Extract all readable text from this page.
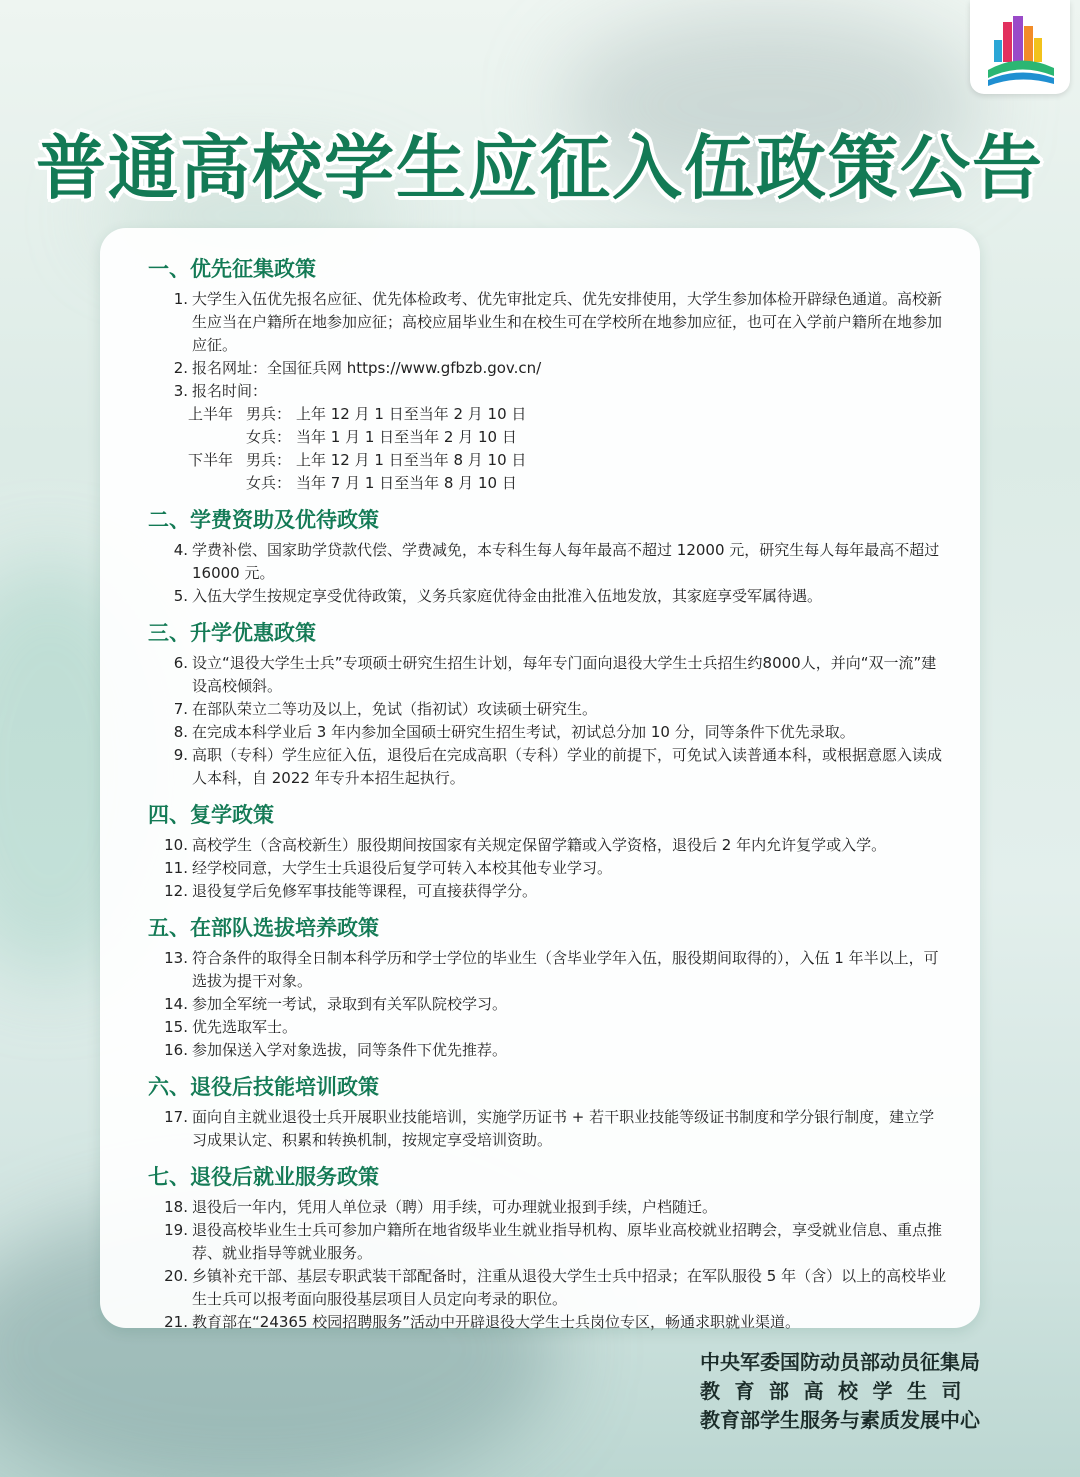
普通高校学生应征入伍政策公告
一、优先征集政策
1. 大学生入伍优先报名应征、优先体检政考、优先审批定兵、优先安排使用，大学生参加体检开辟绿色通道。高校新生应当在户籍所在地参加应征；高校应届毕业生和在校生可在学校所在地参加应征，也可在入学前户籍所在地参加应征。
2. 报名网址：全国征兵网 https://www.gfbzb.gov.cn/
3. 报名时间：
上半年 男兵： 上年 12 月 1 日至当年 2 月 10 日
女兵： 当年 1 月 1 日至当年 2 月 10 日
下半年 男兵： 上年 12 月 1 日至当年 8 月 10 日
女兵： 当年 7 月 1 日至当年 8 月 10 日
二、学费资助及优待政策
4. 学费补偿、国家助学贷款代偿、学费减免，本专科生每人每年最高不超过 12000 元，研究生每人每年最高不超过 16000 元。
5. 入伍大学生按规定享受优待政策，义务兵家庭优待金由批准入伍地发放，其家庭享受军属待遇。
三、升学优惠政策
6. 设立“退役大学生士兵”专项硕士研究生招生计划，每年专门面向退役大学生士兵招生约8000人，并向“双一流”建设高校倾斜。
7. 在部队荣立二等功及以上，免试（指初试）攻读硕士研究生。
8. 在完成本科学业后 3 年内参加全国硕士研究生招生考试，初试总分加 10 分，同等条件下优先录取。
9. 高职（专科）学生应征入伍，退役后在完成高职（专科）学业的前提下，可免试入读普通本科，或根据意愿入读成人本科，自 2022 年专升本招生起执行。
四、复学政策
10. 高校学生（含高校新生）服役期间按国家有关规定保留学籍或入学资格，退役后 2 年内允许复学或入学。
11. 经学校同意，大学生士兵退役后复学可转入本校其他专业学习。
12. 退役复学后免修军事技能等课程，可直接获得学分。
五、在部队选拔培养政策
13. 符合条件的取得全日制本科学历和学士学位的毕业生（含毕业学年入伍，服役期间取得的），入伍 1 年半以上，可选拔为提干对象。
14. 参加全军统一考试，录取到有关军队院校学习。
15. 优先选取军士。
16. 参加保送入学对象选拔，同等条件下优先推荐。
六、退役后技能培训政策
17. 面向自主就业退役士兵开展职业技能培训，实施学历证书 + 若干职业技能等级证书制度和学分银行制度，建立学习成果认定、积累和转换机制，按规定享受培训资助。
七、退役后就业服务政策
18. 退役后一年内，凭用人单位录（聘）用手续，可办理就业报到手续，户档随迁。
19. 退役高校毕业生士兵可参加户籍所在地省级毕业生就业指导机构、原毕业高校就业招聘会，享受就业信息、重点推荐、就业指导等就业服务。
20. 乡镇补充干部、基层专职武装干部配备时，注重从退役大学生士兵中招录；在军队服役 5 年（含）以上的高校毕业生士兵可以报考面向服役基层项目人员定向考录的职位。
21. 教育部在“24365 校园招聘服务”活动中开辟退役大学生士兵岗位专区，畅通求职就业渠道。
中央军委国防动员部动员征集局
教育部高校学生司
教育部学生服务与素质发展中心
